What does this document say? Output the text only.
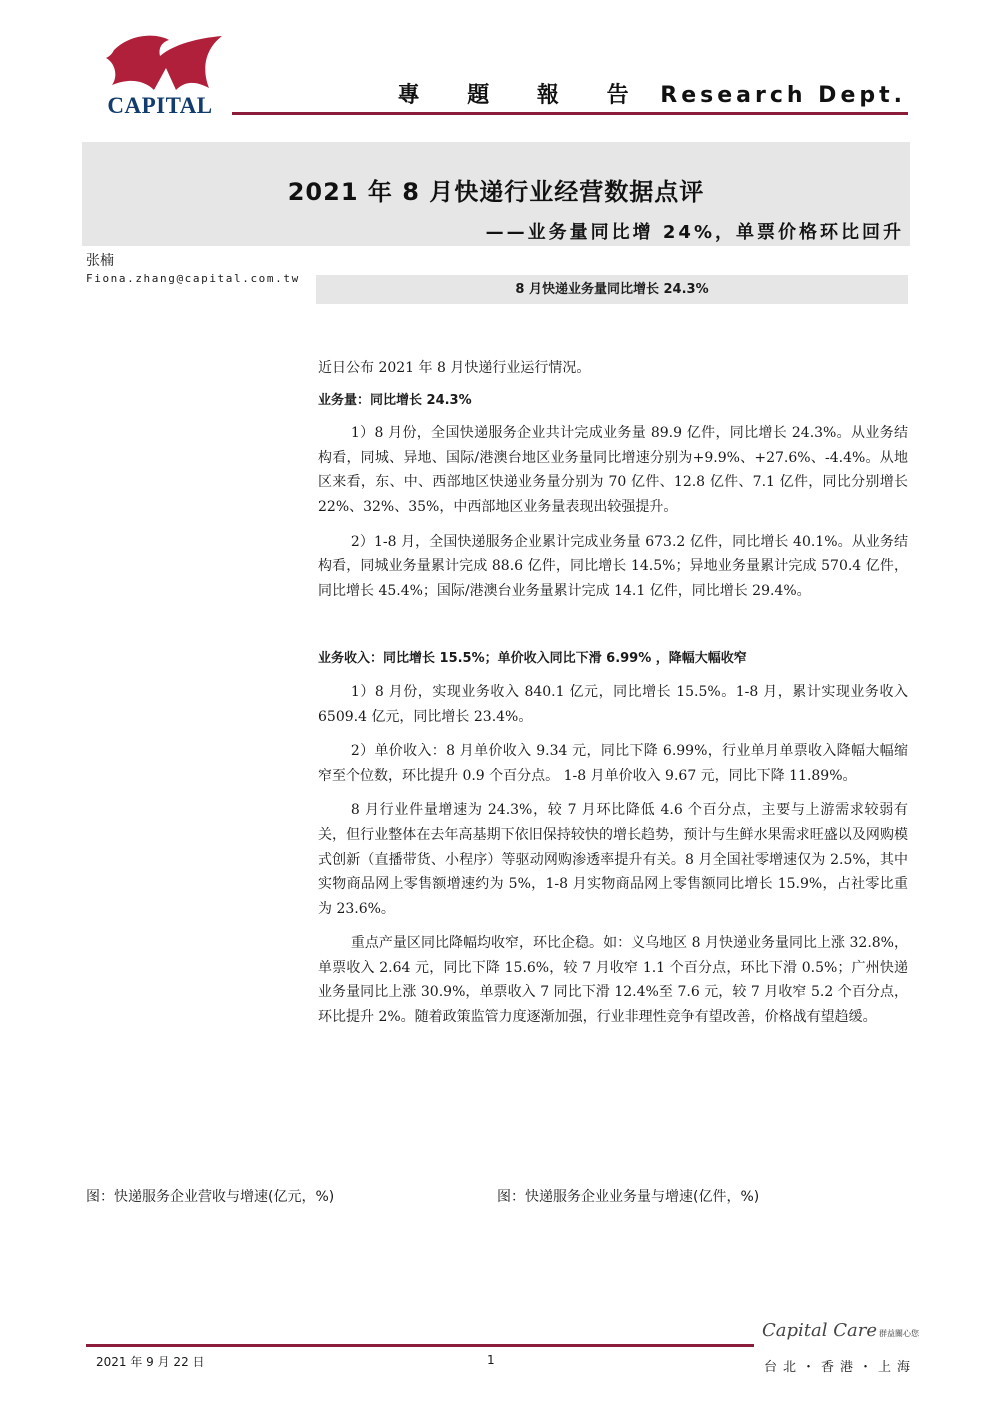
CAPITAL	專 題 報 告 Research Dept.
2021 年 8 月快递行业经营数据点评
——业务量同比增 24%，单票价格环比回升
张楠
Fiona.zhang@capital.com.tw
8 月快递业务量同比增长 24.3%

近日公布 2021 年 8 月快递行业运行情况。

业务量：同比增长 24.3%

1）8 月份，全国快递服务企业共计完成业务量 89.9 亿件，同比增长 24.3%。从业务结构看，同城、异地、国际/港澳台地区业务量同比增速分别为+9.9%、+27.6%、-4.4%。从地区来看，东、中、西部地区快递业务量分别为 70 亿件、12.8 亿件、7.1 亿件，同比分别增长 22%、32%、35%，中西部地区业务量表现出较强提升。

2）1-8 月，全国快递服务企业累计完成业务量 673.2 亿件，同比增长 40.1%。从业务结构看，同城业务量累计完成 88.6 亿件，同比增长 14.5%；异地业务量累计完成 570.4 亿件，同比增长 45.4%；国际/港澳台业务量累计完成 14.1 亿件，同比增长 29.4%。

业务收入：同比增长 15.5%；单价收入同比下滑 6.99% ，降幅大幅收窄

1）8 月份，实现业务收入 840.1 亿元，同比增长 15.5%。1-8 月，累计实现业务收入 6509.4 亿元，同比增长 23.4%。

2）单价收入：8 月单价收入 9.34 元，同比下降 6.99%，行业单月单票收入降幅大幅缩窄至个位数，环比提升 0.9 个百分点。 1-8 月单价收入 9.67 元，同比下降 11.89%。

8 月行业件量增速为 24.3%，较 7 月环比降低 4.6 个百分点，主要与上游需求较弱有关，但行业整体在去年高基期下依旧保持较快的增长趋势，预计与生鲜水果需求旺盛以及网购模式创新（直播带货、小程序）等驱动网购渗透率提升有关。8 月全国社零增速仅为 2.5%，其中实物商品网上零售额增速约为 5%，1-8 月实物商品网上零售额同比增长 15.9%，占社零比重为 23.6%。

重点产量区同比降幅均收窄，环比企稳。如：义乌地区 8 月快递业务量同比上涨 32.8%，单票收入 2.64 元，同比下降 15.6%，较 7 月收窄 1.1 个百分点，环比下滑 0.5%；广州快递业务量同比上涨 30.9%，单票收入 7 同比下滑 12.4%至 7.6 元，较 7 月收窄 5.2 个百分点，环比提升 2%。随着政策监管力度逐渐加强，行业非理性竞争有望改善，价格战有望趋缓。

图：快递服务企业营收与增速(亿元，%)	图：快递服务企业业务量与增速(亿件，%)
2021 年 9 月 22 日	1
Capital Care 群益關心您
台北・香港・上海
